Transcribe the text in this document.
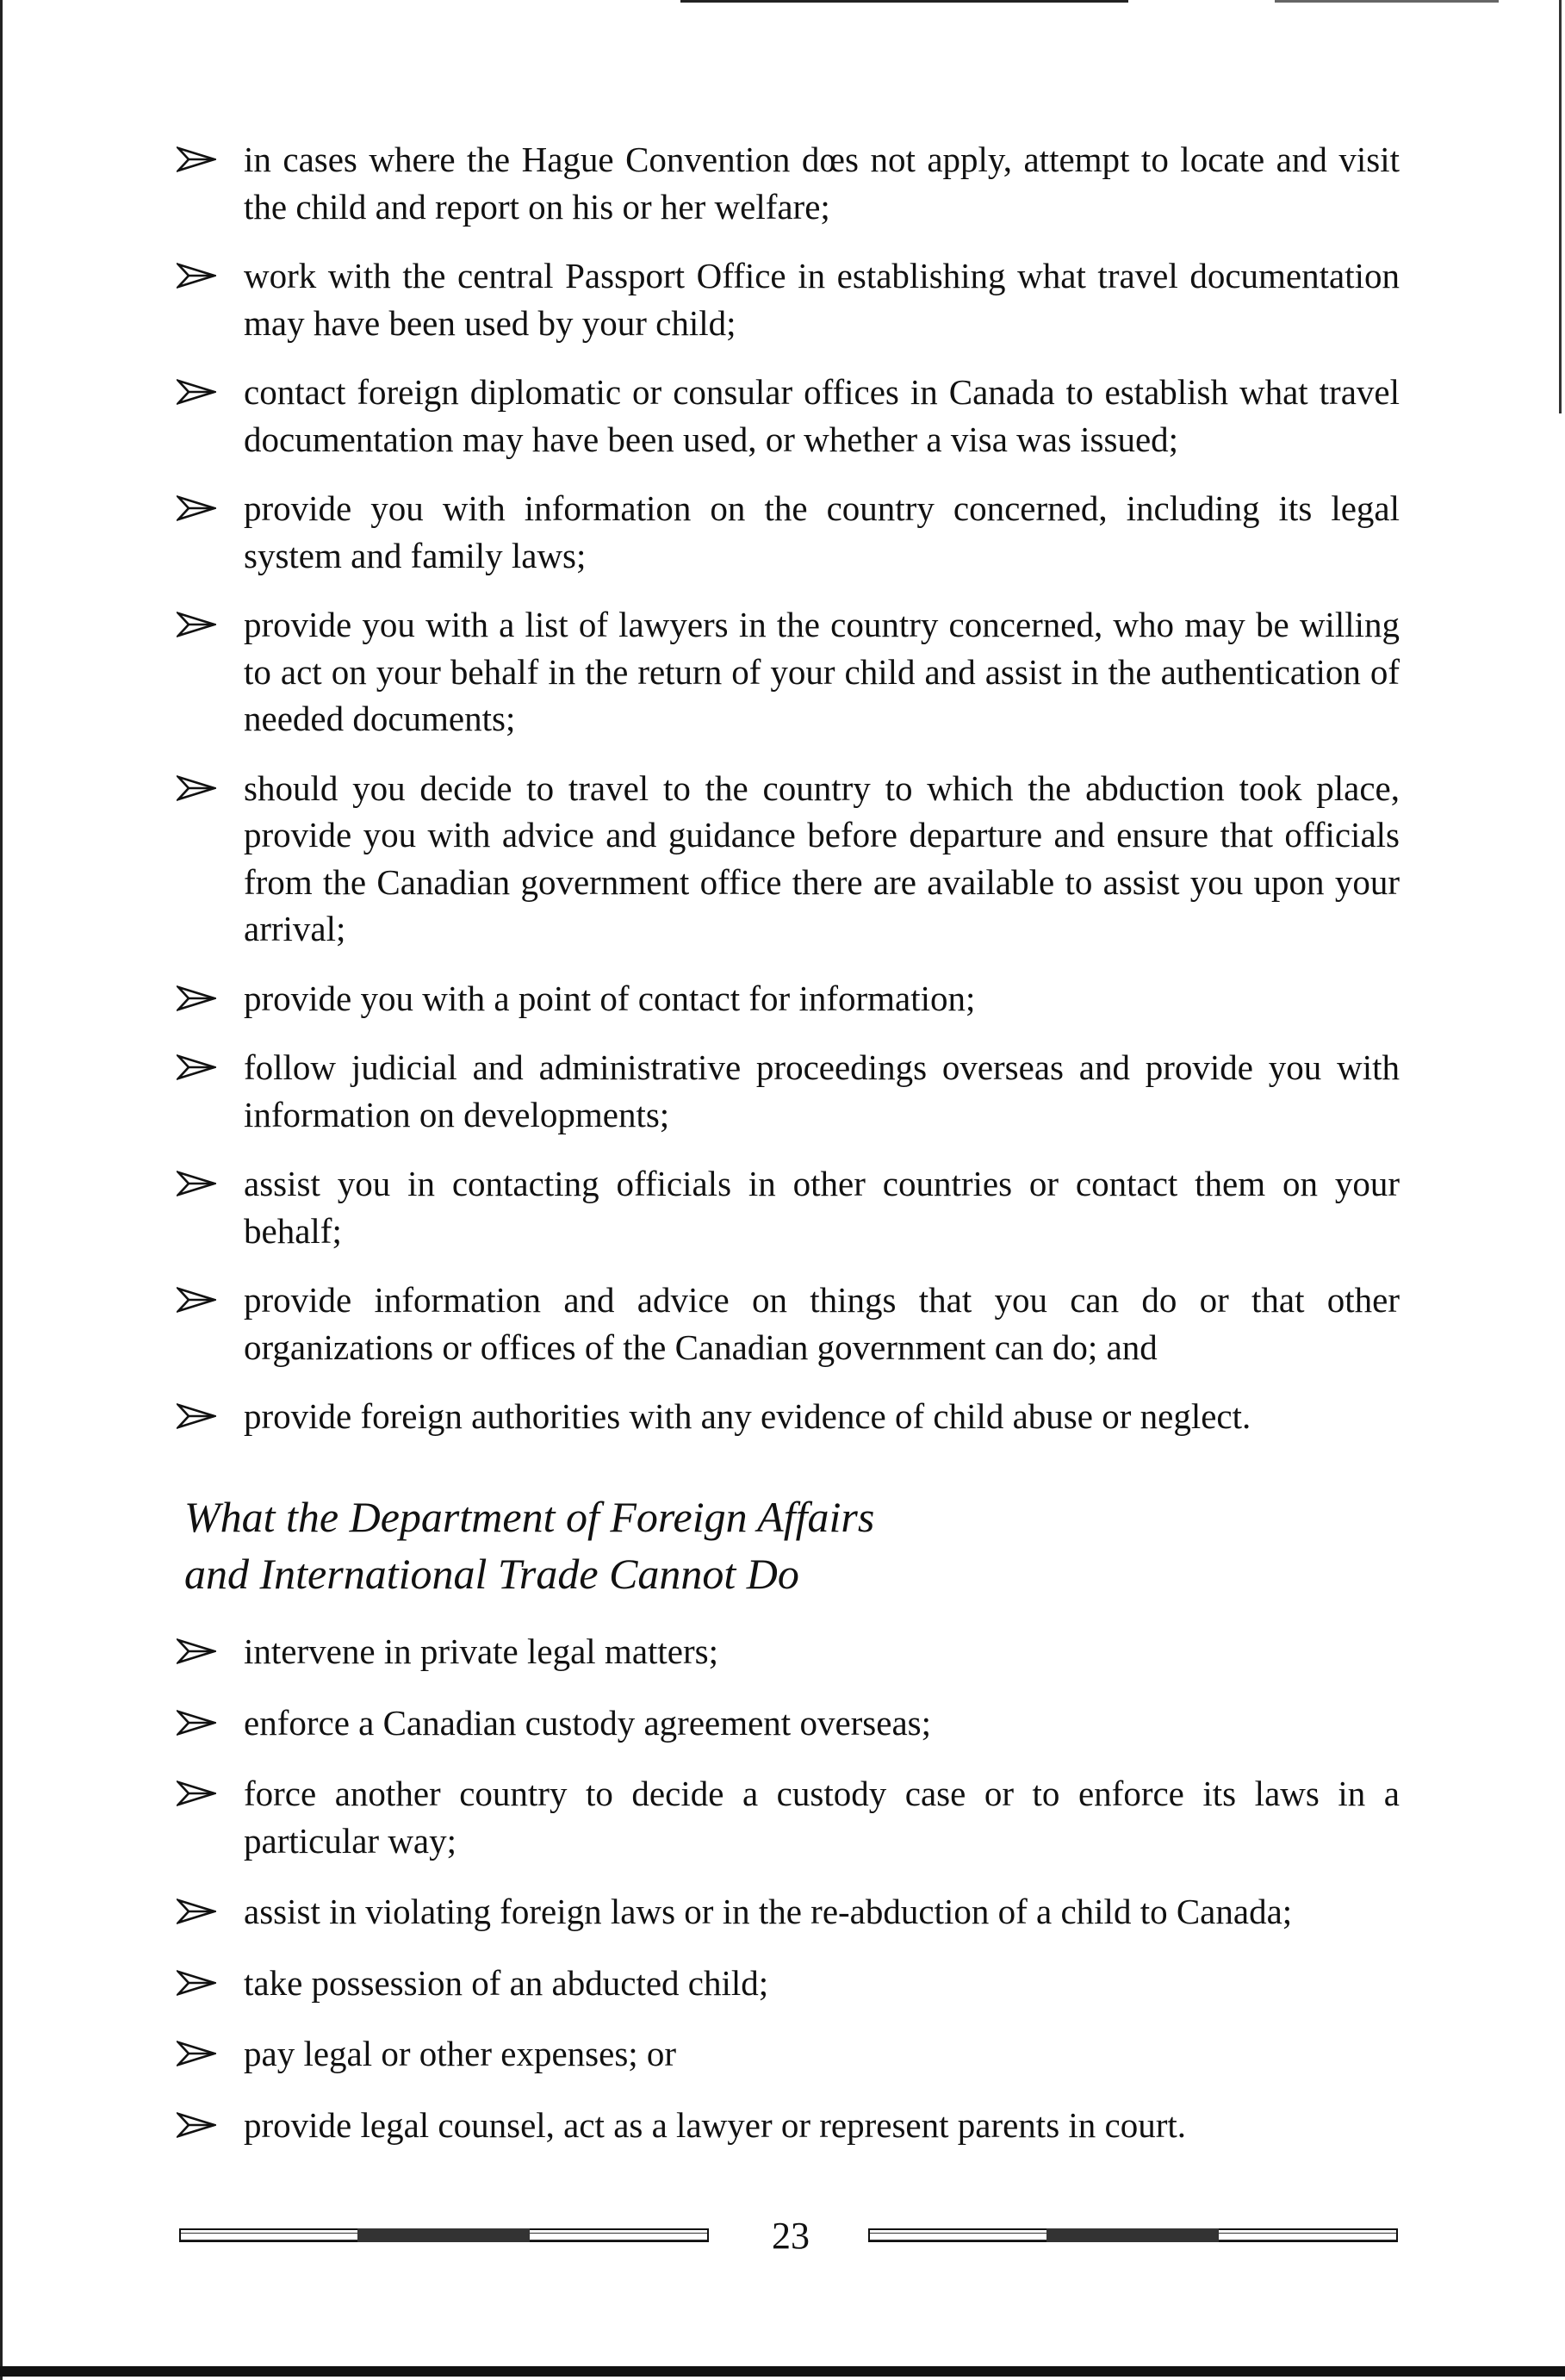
in cases where the Hague Convention dœs not apply, attempt to locate and visit the child and report on his or her welfare;
work with the central Passport Office in establishing what travel documentation may have been used by your child;
contact foreign diplomatic or consular offices in Canada to establish what travel documentation may have been used, or whether a visa was issued;
provide you with information on the country concerned, including its legal system and family laws;
provide you with a list of lawyers in the country concerned, who may be willing to act on your behalf in the return of your child and assist in the authentication of needed documents;
should you decide to travel to the country to which the abduction took place, provide you with advice and guidance before departure and ensure that officials from the Canadian government office there are available to assist you upon your arrival;
provide you with a point of contact for information;
follow judicial and administrative proceedings overseas and provide you with information on developments;
assist you in contacting officials in other countries or contact them on your behalf;
provide information and advice on things that you can do or that other organizations or offices of the Canadian government can do; and
provide foreign authorities with any evidence of child abuse or neglect.
What the Department of Foreign Affairs
and International Trade Cannot Do
intervene in private legal matters;
enforce a Canadian custody agreement overseas;
force another country to decide a custody case or to enforce its laws in a particular way;
assist in violating foreign laws or in the re-abduction of a child to Canada;
take possession of an abducted child;
pay legal or other expenses; or
provide legal counsel, act as a lawyer or represent parents in court.
23
